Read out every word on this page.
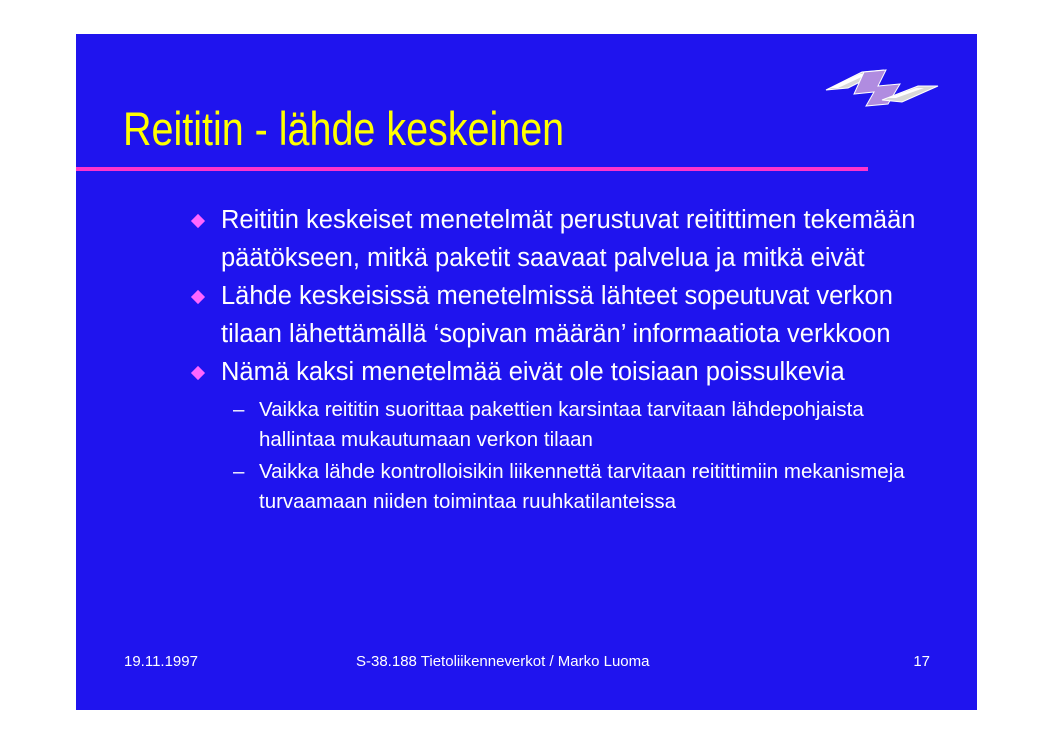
Reititin - lähde keskeinen
Reititin keskeiset menetelmät perustuvat reitittimen tekemään päätökseen, mitkä paketit saavaat palvelua ja mitkä eivät
Lähde keskeisissä menetelmissä lähteet sopeutuvat verkon tilaan lähettämällä ‘sopivan määrän’ informaatiota verkkoon
Nämä kaksi menetelmää eivät ole toisiaan poissulkevia
– Vaikka reititin suorittaa pakettien karsintaa tarvitaan lähdepohjaista hallintaa mukautumaan verkon tilaan
– Vaikka lähde kontrolloisikin liikennettä tarvitaan reitittimiin mekanismeja turvaamaan niiden toimintaa ruuhkatilanteissa
19.11.1997	S-38.188 Tietoliikenneverkot / Marko Luoma	17
